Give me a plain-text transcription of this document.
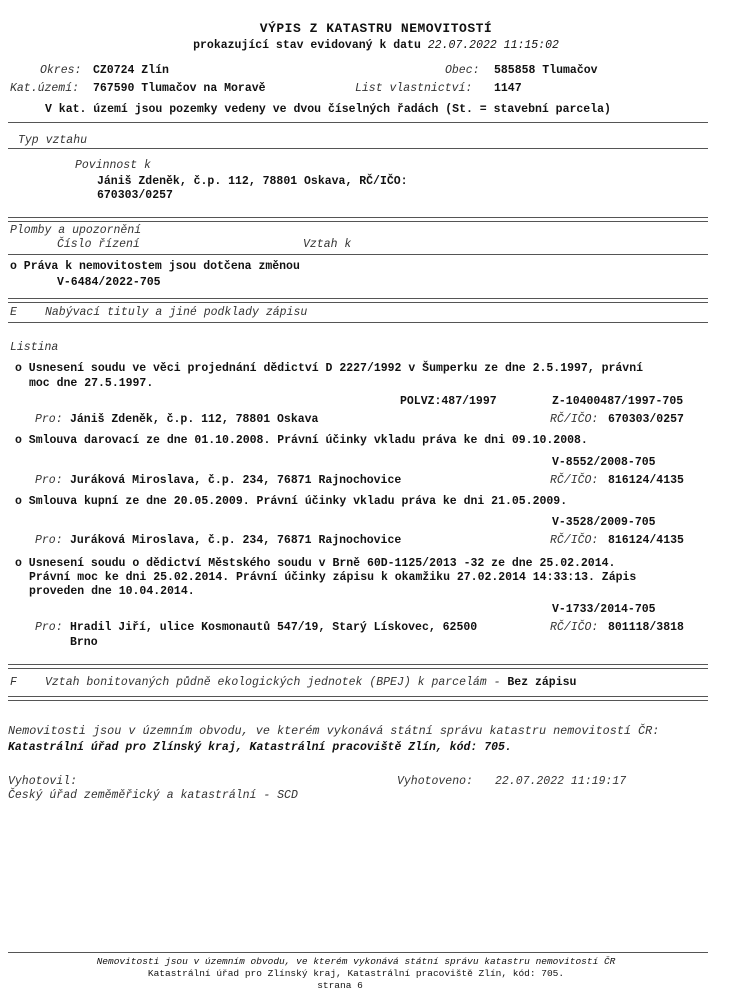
VÝPIS Z KATASTRU NEMOVITOSTÍ
prokazující stav evidovaný k datu 22.07.2022 11:15:02
Okres: CZ0724 Zlín	Obec: 585858 Tlumačov
Kat.území: 767590 Tlumačov na Moravě	List vlastnictví: 1147
V kat. území jsou pozemky vedeny ve dvou číselných řadách (St. = stavební parcela)
Typ vztahu
Povinnost k
Jániš Zdeněk, č.p. 112, 78801 Oskava, RČ/IČO:
670303/0257
Plomby a upozornění
Číslo řízení	Vztah k
o Práva k nemovitostem jsou dotčena změnou
V-6484/2022-705
E Nabývací tituly a jiné podklady zápisu
Listina
o Usnesení soudu ve věci projednání dědictví D 2227/1992 v Šumperku ze dne 2.5.1997, právní
moc dne 27.5.1997.
POLVZ:487/1997	Z-10400487/1997-705
Pro: Jániš Zdeněk, č.p. 112, 78801 Oskava	RČ/IČO: 670303/0257
o Smlouva darovací ze dne 01.10.2008. Právní účinky vkladu práva ke dni 09.10.2008.
V-8552/2008-705
Pro: Juráková Miroslava, č.p. 234, 76871 Rajnochovice	RČ/IČO: 816124/4135
o Smlouva kupní ze dne 20.05.2009. Právní účinky vkladu práva ke dni 21.05.2009.
V-3528/2009-705
Pro: Juráková Miroslava, č.p. 234, 76871 Rajnochovice	RČ/IČO: 816124/4135
o Usnesení soudu o dědictví Městského soudu v Brně 60D-1125/2013 -32 ze dne 25.02.2014.
Právní moc ke dni 25.02.2014. Právní účinky zápisu k okamžiku 27.02.2014 14:33:13. Zápis
proveden dne 10.04.2014.
V-1733/2014-705
Pro: Hradil Jiří, ulice Kosmonautů 547/19, Starý Lískovec, 62500
Brno
RČ/IČO: 801118/3818
F Vztah bonitovaných půdně ekologických jednotek (BPEJ) k parcelám - Bez zápisu
Nemovitosti jsou v územním obvodu, ve kterém vykonává státní správu katastru nemovitostí ČR:
Katastrální úřad pro Zlínský kraj, Katastrální pracoviště Zlín, kód: 705.
Vyhotovil:
Český úřad zeměměřický a katastrální - SCD
Vyhotoveno: 22.07.2022 11:19:17
Nemovitosti jsou v územním obvodu, ve kterém vykonává státní správu katastru nemovitostí ČR
Katastrální úřad pro Zlínský kraj, Katastrální pracoviště Zlín, kód: 705.
strana 6
